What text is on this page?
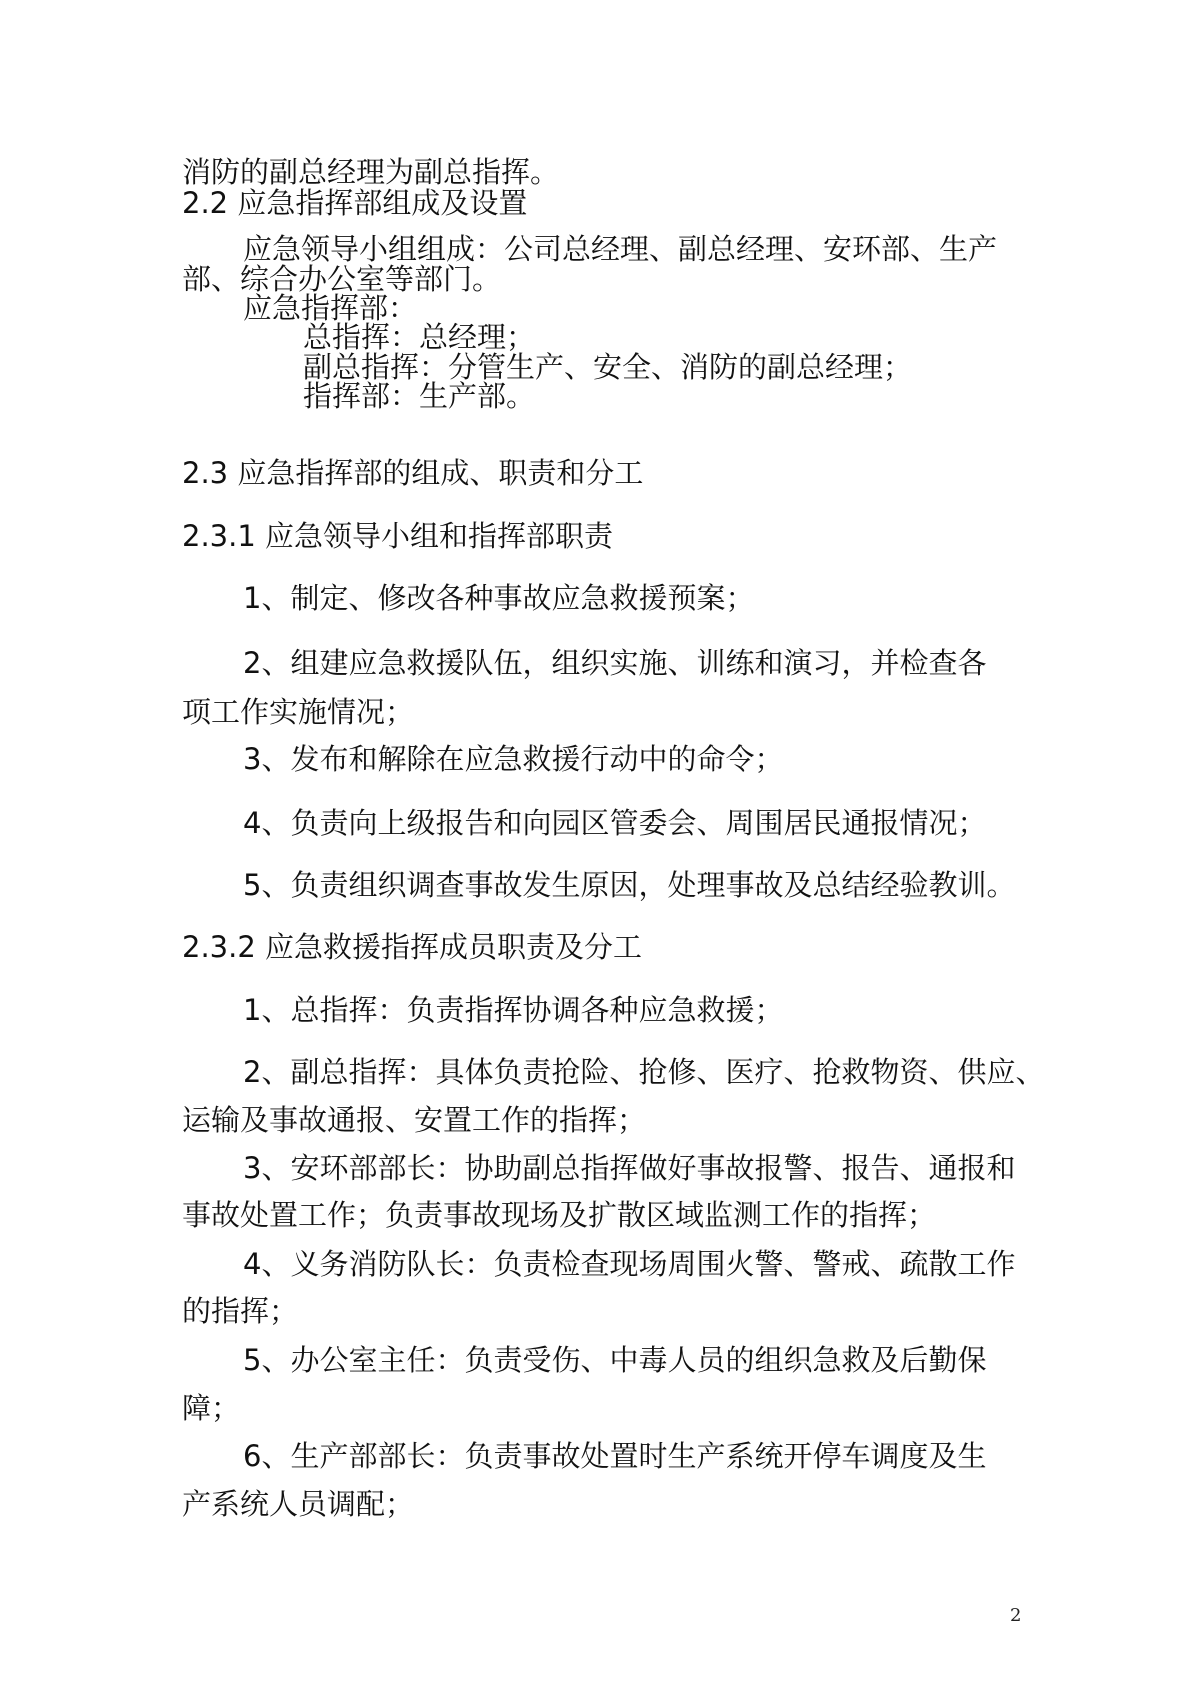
消防的副总经理为副总指挥。
2.2 应急指挥部组成及设置
应急领导小组组成：公司总经理、副总经理、安环部、生产
部、综合办公室等部门。
应急指挥部：
总指挥：总经理；
副总指挥：分管生产、安全、消防的副总经理；
指挥部：生产部。
2.3 应急指挥部的组成、职责和分工
2.3.1 应急领导小组和指挥部职责
1、制定、修改各种事故应急救援预案；
2、组建应急救援队伍，组织实施、训练和演习，并检查各
项工作实施情况；
3、发布和解除在应急救援行动中的命令；
4、负责向上级报告和向园区管委会、周围居民通报情况；
5、负责组织调查事故发生原因，处理事故及总结经验教训。
2.3.2 应急救援指挥成员职责及分工
1、总指挥：负责指挥协调各种应急救援；
2、副总指挥：具体负责抢险、抢修、医疗、抢救物资、供应、
运输及事故通报、安置工作的指挥；
3、安环部部长：协助副总指挥做好事故报警、报告、通报和
事故处置工作；负责事故现场及扩散区域监测工作的指挥；
4、义务消防队长：负责检查现场周围火警、警戒、疏散工作
的指挥；
5、办公室主任：负责受伤、中毒人员的组织急救及后勤保
障；
6、生产部部长：负责事故处置时生产系统开停车调度及生
产系统人员调配；
2
